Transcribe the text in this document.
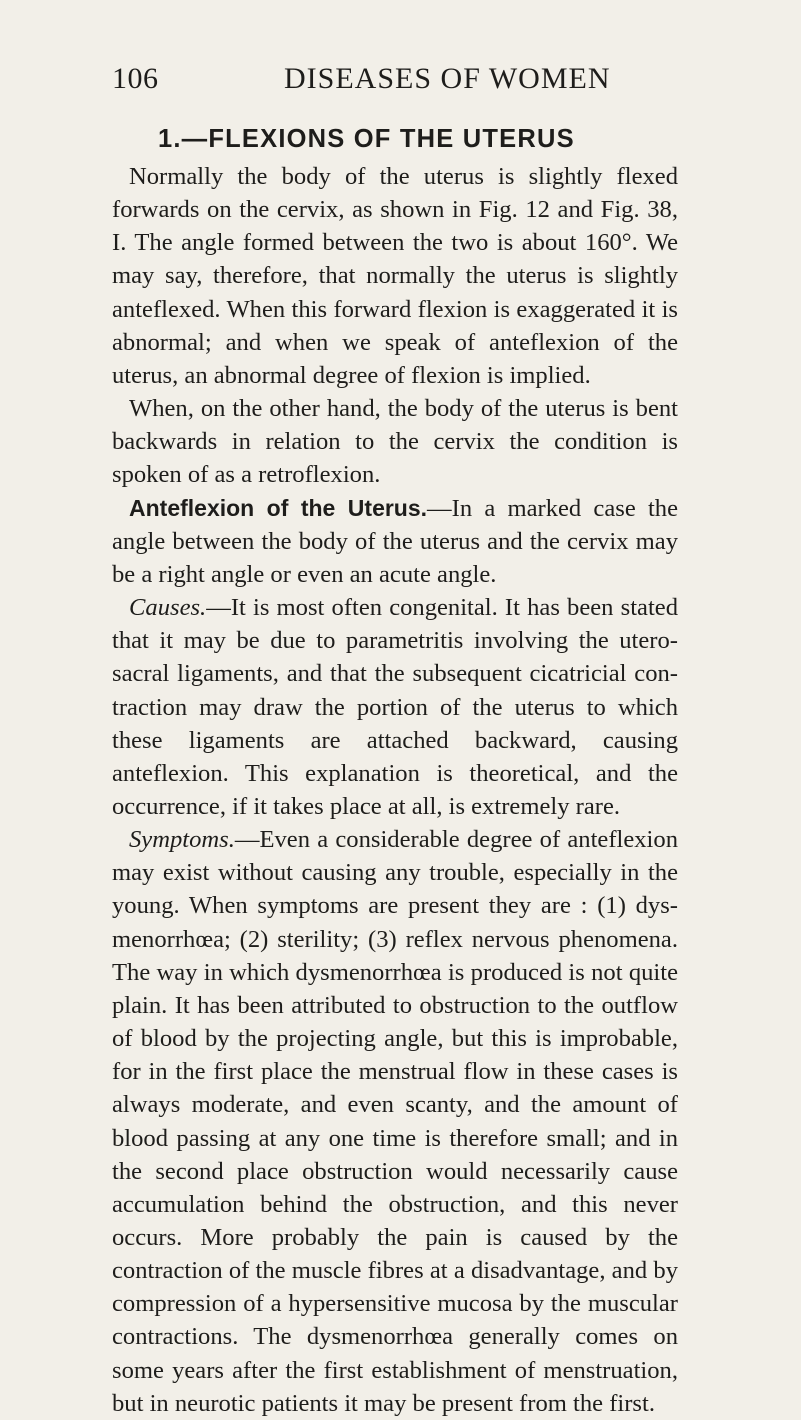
106	DISEASES OF WOMEN
1.—FLEXIONS OF THE UTERUS

Normally the body of the uterus is slightly flexed forwards on the cervix, as shown in Fig. 12 and Fig. 38, I. The angle formed between the two is about 160°. We may say, therefore, that normally the uterus is slightly anteflexed. When this forward flexion is exaggerated it is abnormal; and when we speak of anteflexion of the uterus, an abnormal degree of flexion is implied.

When, on the other hand, the body of the uterus is bent backwards in relation to the cervix the condition is spoken of as a retroflexion.

Anteflexion of the Uterus.—In a marked case the angle between the body of the uterus and the cervix may be a right angle or even an acute angle.

Causes.—It is most often congenital. It has been stated that it may be due to parametritis involving the uterosacral ligaments, and that the subsequent cicatricial contraction may draw the portion of the uterus to which these ligaments are attached backward, causing anteflexion. This explanation is theoretical, and the occurrence, if it takes place at all, is extremely rare.

Symptoms.—Even a considerable degree of anteflexion may exist without causing any trouble, especially in the young. When symptoms are present they are : (1) dysmenorrhœa; (2) sterility; (3) reflex nervous phenomena. The way in which dysmenorrhœa is produced is not quite plain. It has been attributed to obstruction to the outflow of blood by the projecting angle, but this is improbable, for in the first place the menstrual flow in these cases is always moderate, and even scanty, and the amount of blood passing at any one time is therefore small; and in the second place obstruction would necessarily cause accumulation behind the obstruction, and this never occurs. More probably the pain is caused by the contraction of the muscle fibres at a disadvantage, and by compression of a hypersensitive mucosa by the muscular contractions. The dysmenorrhœa generally comes on some years after the first establishment of menstruation, but in neurotic patients it may be present from the first.
